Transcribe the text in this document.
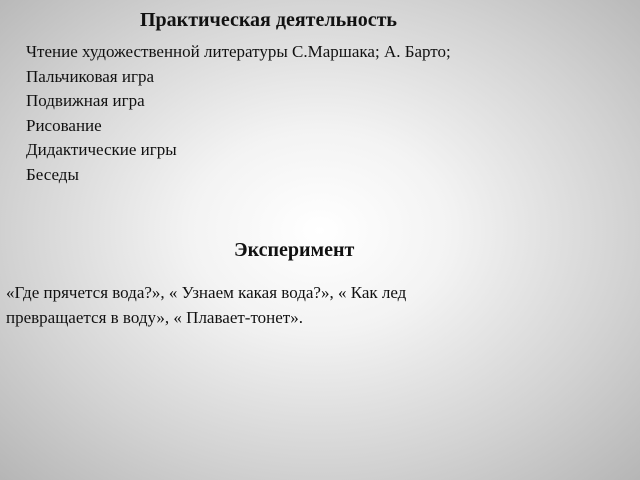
Практическая деятельность
Чтение художественной литературы С.Маршака; А. Барто;
Пальчиковая игра
Подвижная игра
Рисование
Дидактические игры
Беседы
Эксперимент

«Где прячется вода?», « Узнаем какая вода?», « Как лед
превращается в воду», « Плавает-тонет».
